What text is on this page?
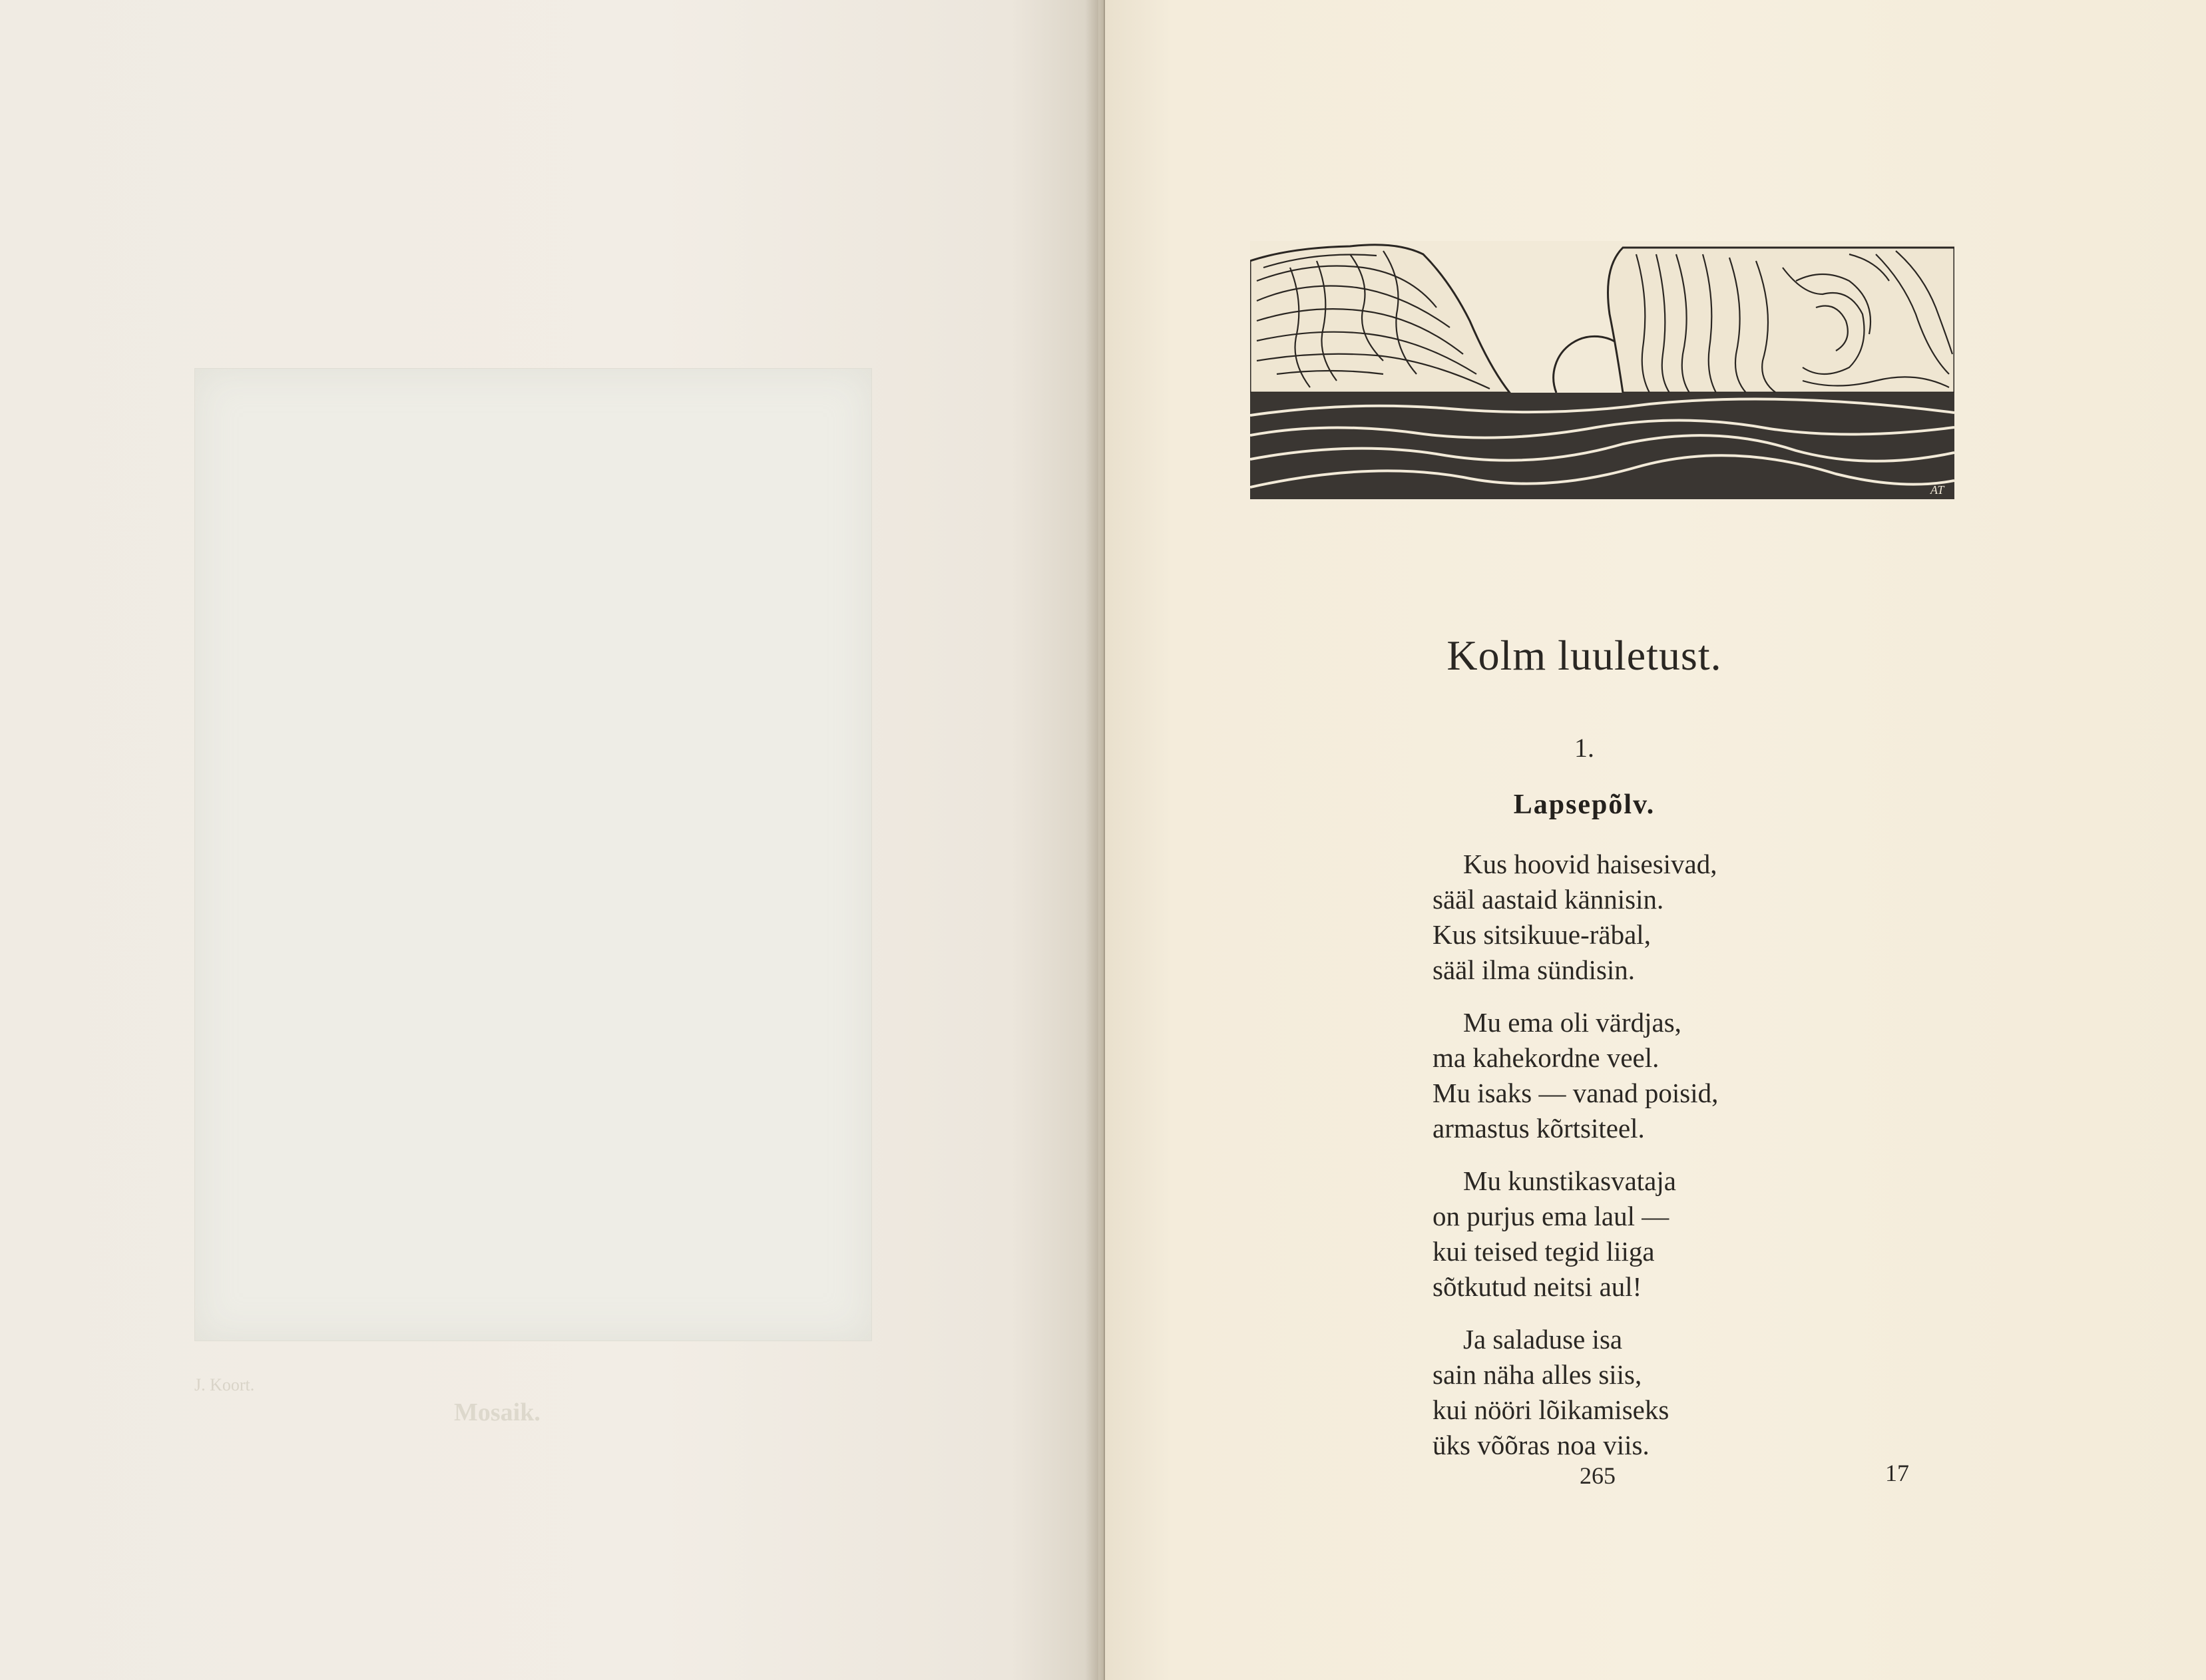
J. Koort.
Mosaik.
AT
Kolm luuletust.
1.
Lapsepõlv.
Kus hoovid haisesivad,
sääl aastaid kännisin.
Kus sitsikuue-räbal,
sääl ilma sündisin.
Mu ema oli värdjas,
ma kahekordne veel.
Mu isaks — vanad poisid,
armastus kõrtsiteel.
Mu kunstikasvataja
on purjus ema laul —
kui teised tegid liiga
sõtkutud neitsi aul!
Ja saladuse isa
sain näha alles siis,
kui nööri lõikamiseks
üks võõras noa viis.
265	17
